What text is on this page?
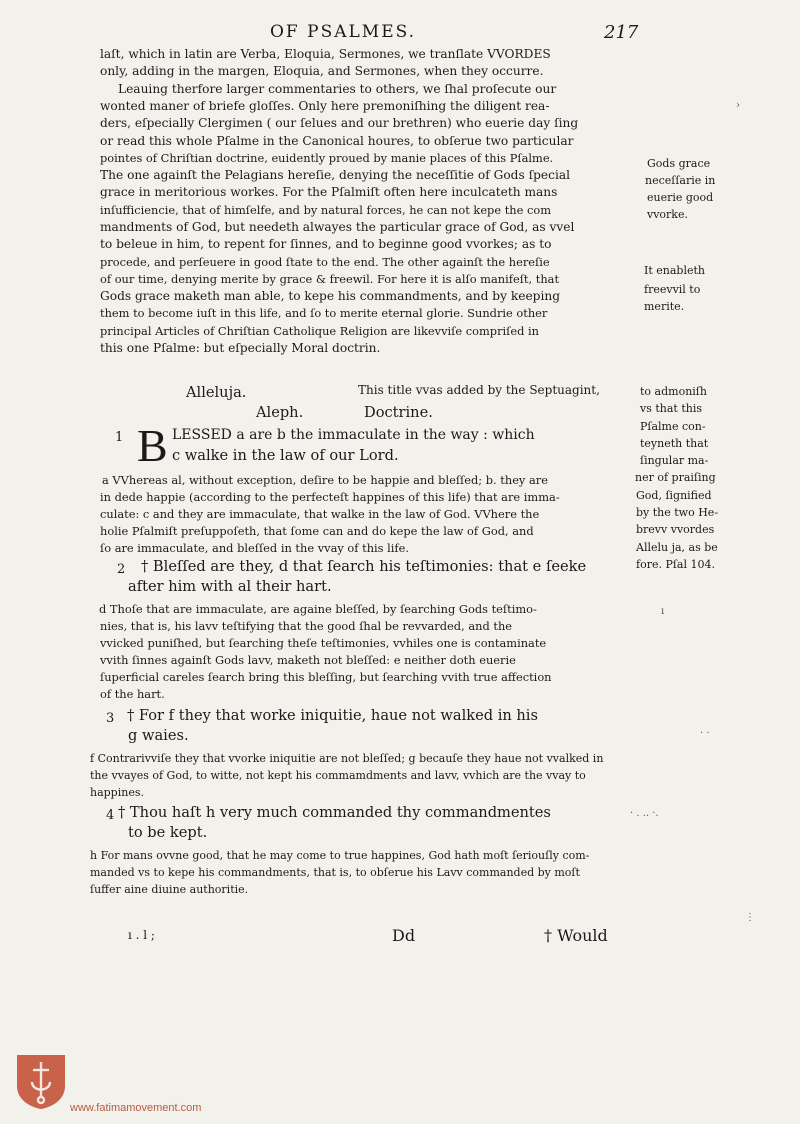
OF PSALMES.	217
laſt, which in latin are Verba, Eloquia, Sermones, we tranſlate VVORDES
only, adding in the margen, Eloquia, and Sermones, when they occurre.
Leauing therfore larger commentaries to others, we ſhal proſecute our
wonted maner of briefe gloſſes. Only here premoniſhing the diligent rea-
ders, eſpecially Clergimen ( our ſelues and our brethren) who euerie day ſing
or read this whole Pſalme in the Canonical houres, to obſerue two particular
pointes of Chriſtian doctrine, euidently proued by manie places of this Pſalme.
The one againſt the Pelagians hereſie, denying the neceſſitie of Gods ſpecial
grace in meritorious workes. For the Pſalmiſt often here inculcateth mans
inſufficiencie, that of himſelfe, and by natural forces, he can not kepe the com
mandments of God, but needeth alwayes the particular grace of God, as vvel
to beleue in him, to repent for ſinnes, and to beginne good vvorkes; as to
procede, and perſeuere in good ſtate to the end. The other againſt the hereſie
of our time, denying merite by grace & freewil. For here it is alſo manifeſt, that
Gods grace maketh man able, to kepe his commandments, and by keeping
them to become iuſt in this life, and ſo to merite eternal glorie. Sundrie other
principal Articles of Chriſtian Catholique Religion are likevviſe compriſed in
this one Pſalme: but eſpecially Moral doctrin.
Gods grace
neceſſarie in
euerie good
vvorke.
It enableth
freevvil to
merite.
to admoniſh
vs that this
Pſalme con-
teyneth that
ſingular ma-
ner of praiſing
God, ſignified
by the two He-
brevv vvordes
Allelu ja, as be
fore. Pſal 104.
Alleluja.	This title vvas added by the Septuagint,
Aleph.	Doctrine.
1 B LESSED a are b the immaculate in the way : which
c walke in the law of our Lord.
a VVhereas al, without exception, deſire to be happie and bleſſed; b. they are
in dede happie (according to the perfecteſt happines of this life) that are imma-
culate: c and they are immaculate, that walke in the law of God. VVhere the
holie Pſalmiſt preſuppoſeth, that ſome can and do kepe the law of God, and
ſo are immaculate, and bleſſed in the vvay of this life.
2 † Bleſſed are they, d that ſearch his teſtimonies: that e ſeeke
after him with al their hart.
d Thoſe that are immaculate, are againe bleſſed, by ſearching Gods teſtimo-
nies, that is, his lavv teſtifying that the good ſhal be revvarded, and the
vvicked puniſhed, but ſearching theſe teſtimonies, vvhiles one is contaminate
vvith ſinnes againſt Gods lavv, maketh not bleſſed: e neither doth euerie
ſuperficial careles ſearch bring this bleſſing, but ſearching vvith true affection
of the hart.
3 † For f they that worke iniquitie, haue not walked in his
g waies.
f Contrarivviſe they that vvorke iniquitie are not bleſſed; g becauſe they haue not vvalked in
the vvayes of God, to witte, not kept his commamdments and lavv, vvhich are the vvay to
happines.
4 † Thou haſt h very much commanded thy commandmentes
to be kept.
h For mans ovvne good, that he may come to true happines, God hath moſt ſeriouſly com-
manded vs to kepe his commandments, that is, to obſerue his Lavv commanded by moſt
ſuffer aine diuine authoritie.
ı . l ;	Dd	† Would
›
ı
· ·
· . .. ·.
⋮
www.fatimamovement.com
